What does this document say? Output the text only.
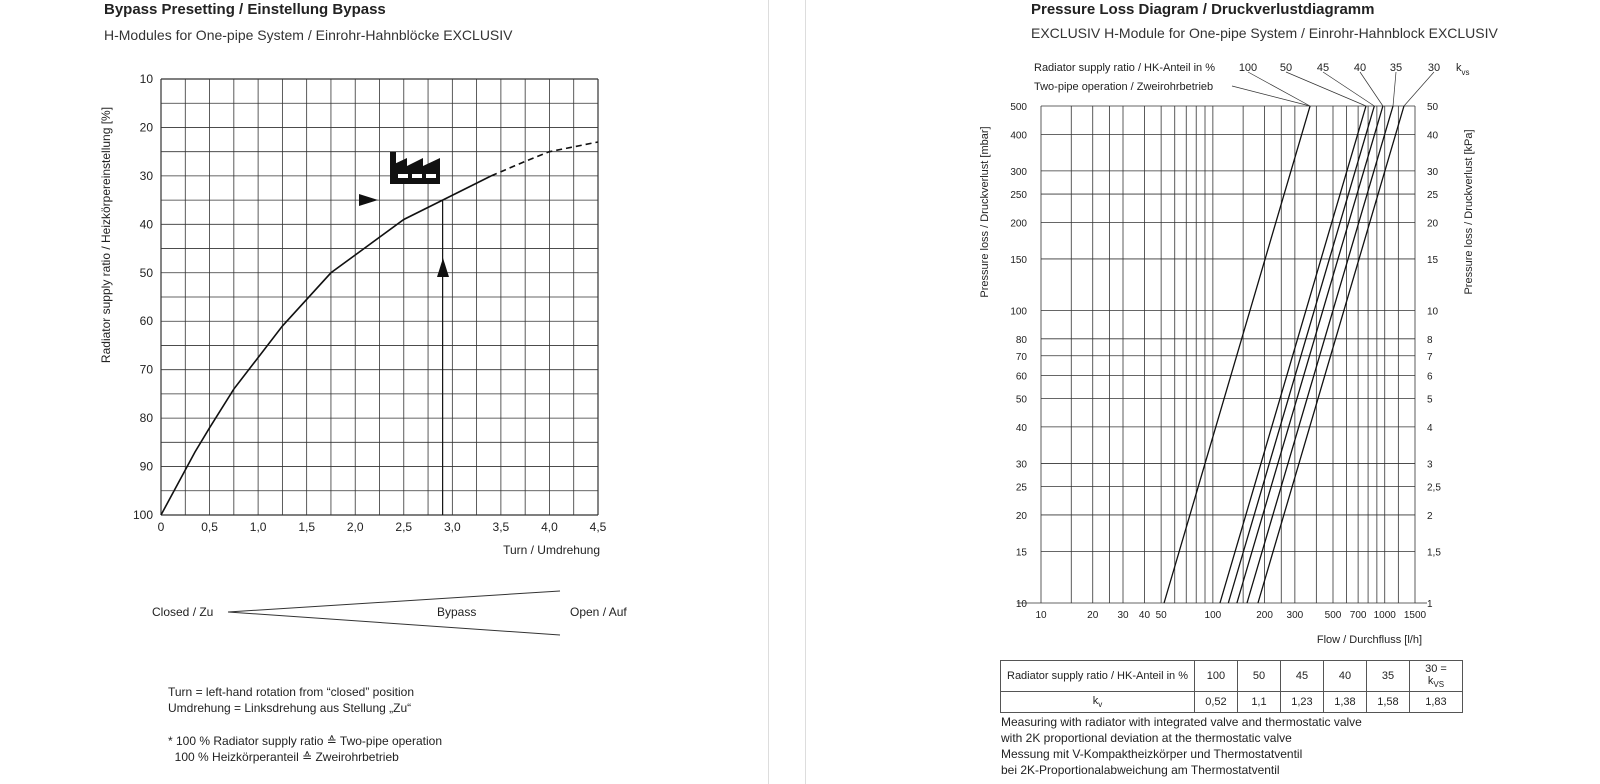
Bypass Presetting / Einstellung Bypass
H-Modules for One-pipe System / Einrohr-Hahnblöcke EXCLUSIV
0	0,5	1,0	1,5	2,0	2,5	3,0	3,5	4,0	4,5
10
20
30
40
50
60
70
80
90
100
Turn / Umdrehung
Radiator supply ratio / Heizkörpereinstellung [%]
Closed / Zu	Bypass	Open / Auf
Turn = left-hand rotation from “closed” position
Umdrehung = Linksdrehung aus Stellung „Zu“
* 100 % Radiator supply ratio ≙ Two-pipe operation
100 % Heizkörperanteil ≙ Zweirohrbetrieb
Pressure Loss Diagram / Druckverlustdiagramm
EXCLUSIV H-Module for One-pipe System / Einrohr-Hahnblock EXCLUSIV
10	20 30 40 50	100	200 300 500 700 1000 1500
10
15
20
25
30
40
50
60
70
80
100
150
200
250
300
400
500
1
1,5
2
2,5
3
4
5
6
7
8
10
15
20
25
30
40
50
100 50 45 40 35 30
Radiator supply ratio / HK-Anteil in %
Two-pipe operation / Zweirohrbetrieb
$k_{vs}$
Flow / Durchfluss [l/h]
Pressure loss / Druckverlust [mbar]	Pressure loss / Druckverlust [kPa]
Radiator supply ratio / HK-Anteil in %	100	50	45	40	35	$30 = k_{VS}$
$k_v$	0,52	1,1	1,23	1,38	1,58	1,83
Measuring with radiator with integrated valve and thermostatic valve
with 2K proportional deviation at the thermostatic valve
Messung mit V-Kompaktheizkörper und Thermostatventil
bei 2K-Proportionalabweichung am Thermostatventil
